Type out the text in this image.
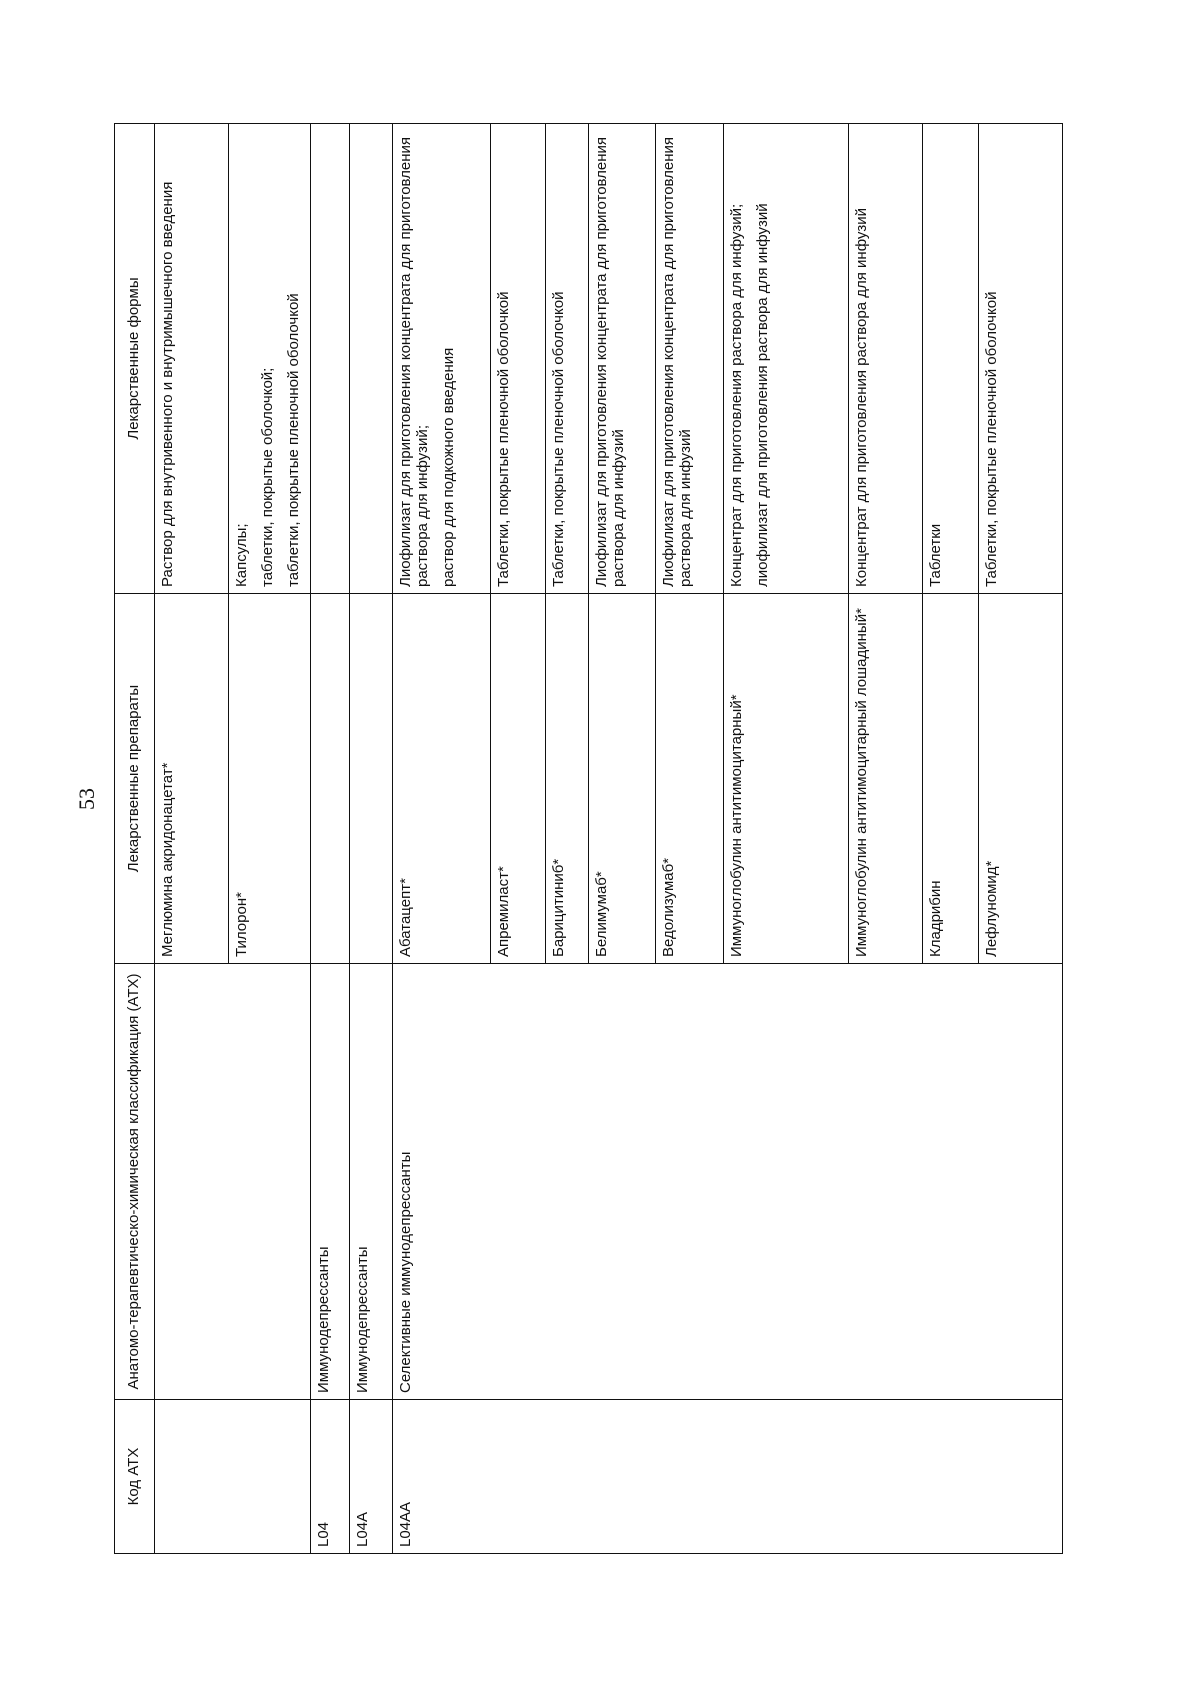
53
Код АТХ	Анатомо-терапевтическо-химическая классификация (АТХ)	Лекарственные препараты	Лекарственные формы
		Меглюмина акридонацетат*	Раствор для внутривенного и внутримышечного введения

		Тилорон*	Капсулы; таблетки, покрытые оболочкой; таблетки, покрытые пленочной оболочкой

L04	Иммунодепрессанты		
L04A	Иммунодепрессанты		
L04AA	Селективные иммунодепрессанты	Абатацепт*	Лиофилизат для приготовления концентрата для приготовления раствора для инфузий; раствор для подкожного введения

		Апремиласт*	Таблетки, покрытые пленочной оболочкой

		Барицитиниб*	Таблетки, покрытые пленочной оболочкой

		Белимумаб*	Лиофилизат для приготовления концентрата для приготовления раствора для инфузий

		Ведолизумаб*	Лиофилизат для приготовления концентрата для приготовления раствора для инфузий

		Иммуноглобулин антитимоцитарный*	Концентрат для приготовления раствора для инфузий; лиофилизат для приготовления раствора для инфузий

		Иммуноглобулин антитимоцитарный лошадиный*	Концентрат для приготовления раствора для инфузий

		Кладрибин	Таблетки

		Лефлуномид*	Таблетки, покрытые пленочной оболочкой
